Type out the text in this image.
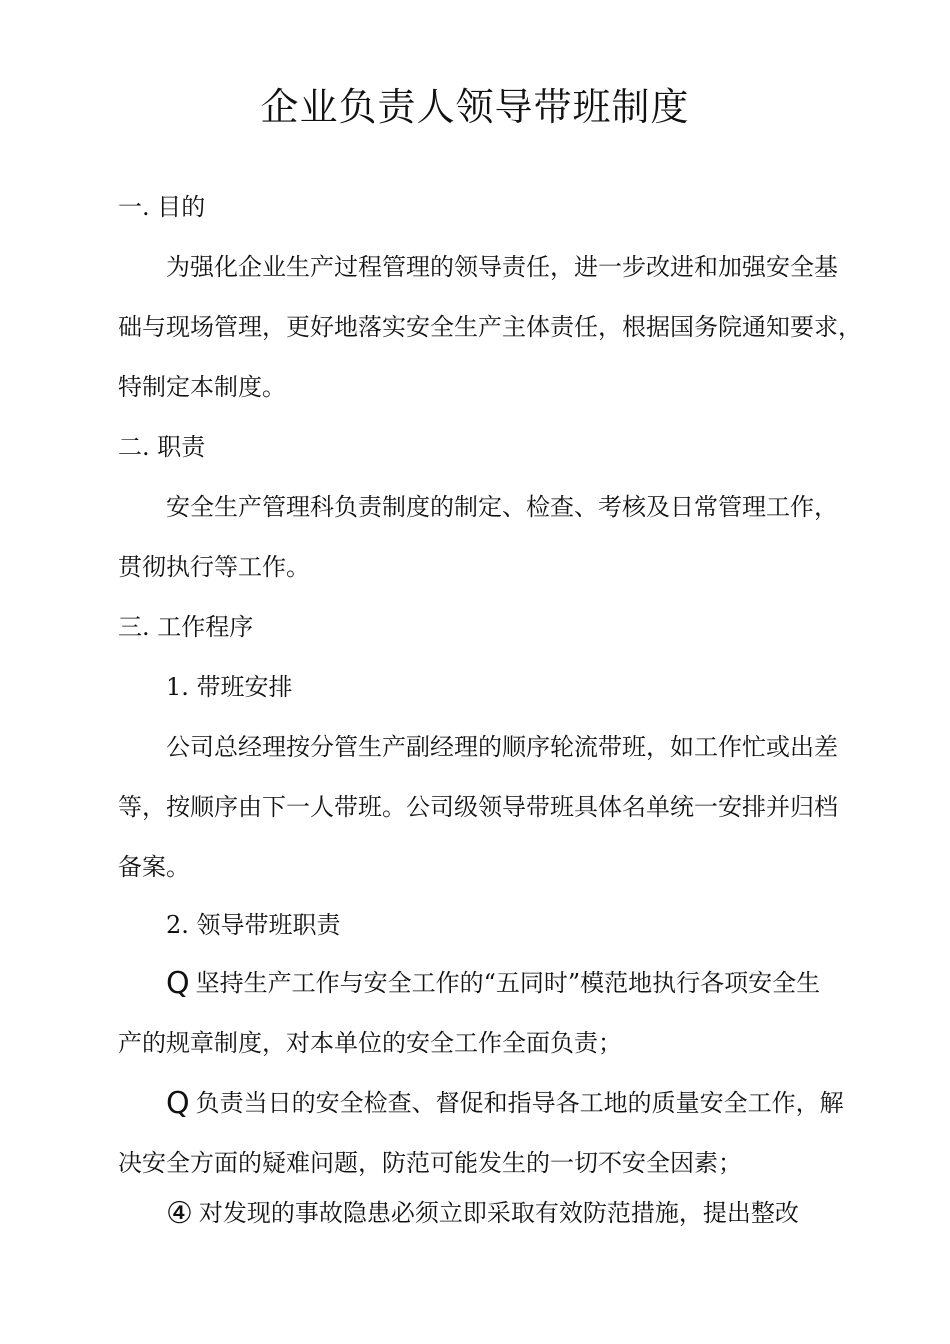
企业负责人领导带班制度
一. 目的
为强化企业生产过程管理的领导责任，进一步改进和加强安全基
础与现场管理，更好地落实安全生产主体责任，根据国务院通知要求，
特制定本制度。
二. 职责
安全生产管理科负责制度的制定、检查、考核及日常管理工作，
贯彻执行等工作。
三. 工作程序
1. 带班安排
公司总经理按分管生产副经理的顺序轮流带班，如工作忙或出差
等，按顺序由下一人带班。公司级领导带班具体名单统一安排并归档
备案。
2. 领导带班职责
Q 坚持生产工作与安全工作的“五同时”模范地执行各项安全生
产的规章制度，对本单位的安全工作全面负责；
Q 负责当日的安全检查、督促和指导各工地的质量安全工作，解
决安全方面的疑难问题，防范可能发生的一切不安全因素；
④ 对发现的事故隐患必须立即采取有效防范措施，提出整改
